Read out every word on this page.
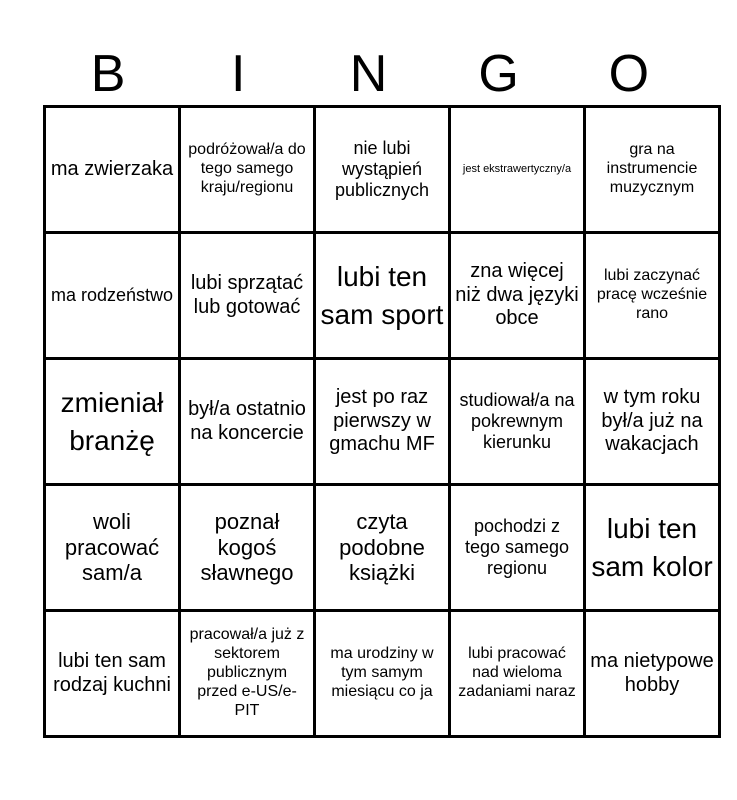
B	I	N	G	O
ma zwierzaka	podróżował/a do tego samego kraju/regionu	nie lubi wystąpień publicznych	jest ekstrawertyczny/a	gra na instrumencie muzycznym
ma rodzeństwo	lubi sprzątać lub gotować	lubi ten sam sport	zna więcej niż dwa języki obce	lubi zaczynać pracę wcześnie rano
zmieniał branżę	był/a ostatnio na koncercie	jest po raz pierwszy w gmachu MF	studiował/a na pokrewnym kierunku	w tym roku był/a już na wakacjach
woli pracować sam/a	poznał kogoś sławnego	czyta podobne książki	pochodzi z tego samego regionu	lubi ten sam kolor
lubi ten sam rodzaj kuchni	pracował/a już z sektorem publicznym przed e-US/e-PIT	ma urodziny w tym samym miesiącu co ja	lubi pracować nad wieloma zadaniami naraz	ma nietypowe hobby
